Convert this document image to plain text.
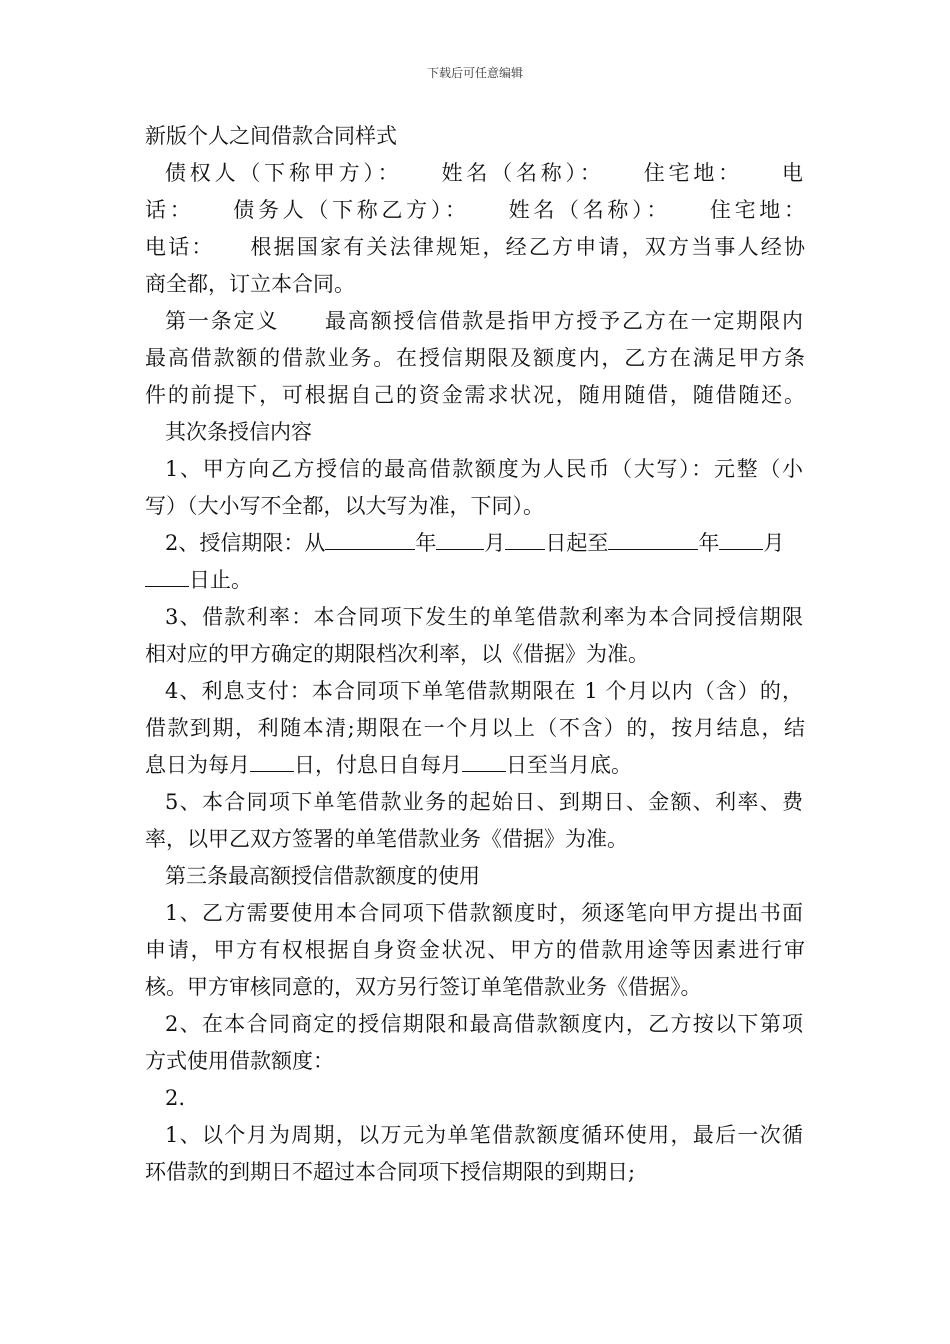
下载后可任意编辑
新版个人之间借款合同样式
债权人（下称甲方）：　　姓名（名称）：　　住宅地：　　电
话：　　债务人（下称乙方）：　　姓名（名称）：　　住宅地：
电话：　　根据国家有关法律规矩，经乙方申请，双方当事人经协
商全都，订立本合同。
第一条定义　　最高额授信借款是指甲方授予乙方在一定期限内
最高借款额的借款业务。在授信期限及额度内，乙方在满足甲方条
件的前提下，可根据自己的资金需求状况，随用随借，随借随还。
其次条授信内容
1、甲方向乙方授信的最高借款额度为人民币（大写）：元整（小
写）（大小写不全都，以大写为准，下同）。
2、授信期限：从	年 月 日起至	年 月
日止。
3、借款利率：本合同项下发生的单笔借款利率为本合同授信期限
相对应的甲方确定的期限档次利率，以《借据》为准。
4、利息支付：本合同项下单笔借款期限在 1 个月以内（含）的，
借款到期，利随本清;期限在一个月以上（不含）的，按月结息，结
息日为每月 日，付息日自每月 日至当月底。
5、本合同项下单笔借款业务的起始日、到期日、金额、利率、费
率，以甲乙双方签署的单笔借款业务《借据》为准。
第三条最高额授信借款额度的使用
1、乙方需要使用本合同项下借款额度时，须逐笔向甲方提出书面
申请，甲方有权根据自身资金状况、甲方的借款用途等因素进行审
核。甲方审核同意的，双方另行签订单笔借款业务《借据》。
2、在本合同商定的授信期限和最高借款额度内，乙方按以下第项
方式使用借款额度：
2.
1、以个月为周期，以万元为单笔借款额度循环使用，最后一次循
环借款的到期日不超过本合同项下授信期限的到期日;
